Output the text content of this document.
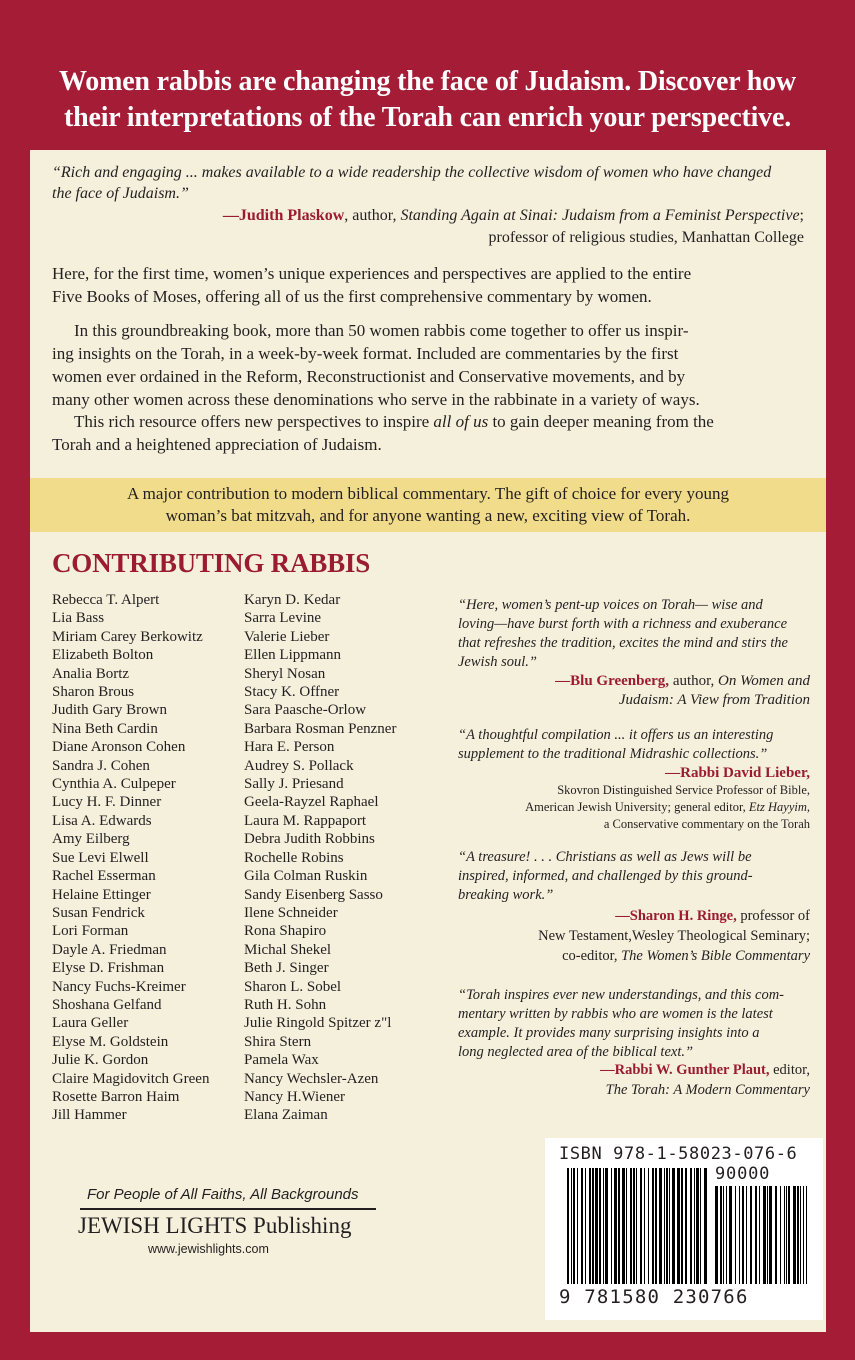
Women rabbis are changing the face of Judaism. Discover how
their interpretations of the Torah can enrich your perspective.
“Rich and engaging ... makes available to a wide readership the collective wisdom of women who have changed
the face of Judaism.”
—Judith Plaskow, author, Standing Again at Sinai: Judaism from a Feminist Perspective;
professor of religious studies, Manhattan College
Here, for the first time, women’s unique experiences and perspectives are applied to the entire
Five Books of Moses, offering all of us the first comprehensive commentary by women.
In this groundbreaking book, more than 50 women rabbis come together to offer us inspir-
ing insights on the Torah, in a week-by-week format. Included are commentaries by the first
women ever ordained in the Reform, Reconstructionist and Conservative movements, and by
many other women across these denominations who serve in the rabbinate in a variety of ways.
This rich resource offers new perspectives to inspire all of us to gain deeper meaning from the
Torah and a heightened appreciation of Judaism.
A major contribution to modern biblical commentary. The gift of choice for every young
woman’s bat mitzvah, and for anyone wanting a new, exciting view of Torah.
CONTRIBUTING RABBIS
Rebecca T. Alpert
Lia Bass
Miriam Carey Berkowitz
Elizabeth Bolton
Analia Bortz
Sharon Brous
Judith Gary Brown
Nina Beth Cardin
Diane Aronson Cohen
Sandra J. Cohen
Cynthia A. Culpeper
Lucy H. F. Dinner
Lisa A. Edwards
Amy Eilberg
Sue Levi Elwell
Rachel Esserman
Helaine Ettinger
Susan Fendrick
Lori Forman
Dayle A. Friedman
Elyse D. Frishman
Nancy Fuchs-Kreimer
Shoshana Gelfand
Laura Geller
Elyse M. Goldstein
Julie K. Gordon
Claire Magidovitch Green
Rosette Barron Haim
Jill Hammer
Karyn D. Kedar
Sarra Levine
Valerie Lieber
Ellen Lippmann
Sheryl Nosan
Stacy K. Offner
Sara Paasche-Orlow
Barbara Rosman Penzner
Hara E. Person
Audrey S. Pollack
Sally J. Priesand
Geela-Rayzel Raphael
Laura M. Rappaport
Debra Judith Robbins
Rochelle Robins
Gila Colman Ruskin
Sandy Eisenberg Sasso
Ilene Schneider
Rona Shapiro
Michal Shekel
Beth J. Singer
Sharon L. Sobel
Ruth H. Sohn
Julie Ringold Spitzer z"l
Shira Stern
Pamela Wax
Nancy Wechsler-Azen
Nancy H.Wiener
Elana Zaiman
“Here, women’s pent-up voices on Torah— wise and
loving—have burst forth with a richness and exuberance
that refreshes the tradition, excites the mind and stirs the
Jewish soul.”
—Blu Greenberg, author, On Women and
Judaism: A View from Tradition
“A thoughtful compilation ... it offers us an interesting
supplement to the traditional Midrashic collections.”
—Rabbi David Lieber,
Skovron Distinguished Service Professor of Bible,
American Jewish University; general editor, Etz Hayyim,
a Conservative commentary on the Torah
“A treasure! . . . Christians as well as Jews will be
inspired, informed, and challenged by this ground-
breaking work.”
—Sharon H. Ringe, professor of
New Testament,Wesley Theological Seminary;
co-editor, The Women’s Bible Commentary
“Torah inspires ever new understandings, and this com-
mentary written by rabbis who are women is the latest
example. It provides many surprising insights into a
long neglected area of the biblical text.”
—Rabbi W. Gunther Plaut, editor,
The Torah: A Modern Commentary
ISBN 978-1-58023-076-6
90000
9 781580 230766
For People of All Faiths, All Backgrounds
JEWISH LIGHTS Publishing
www.jewishlights.com
